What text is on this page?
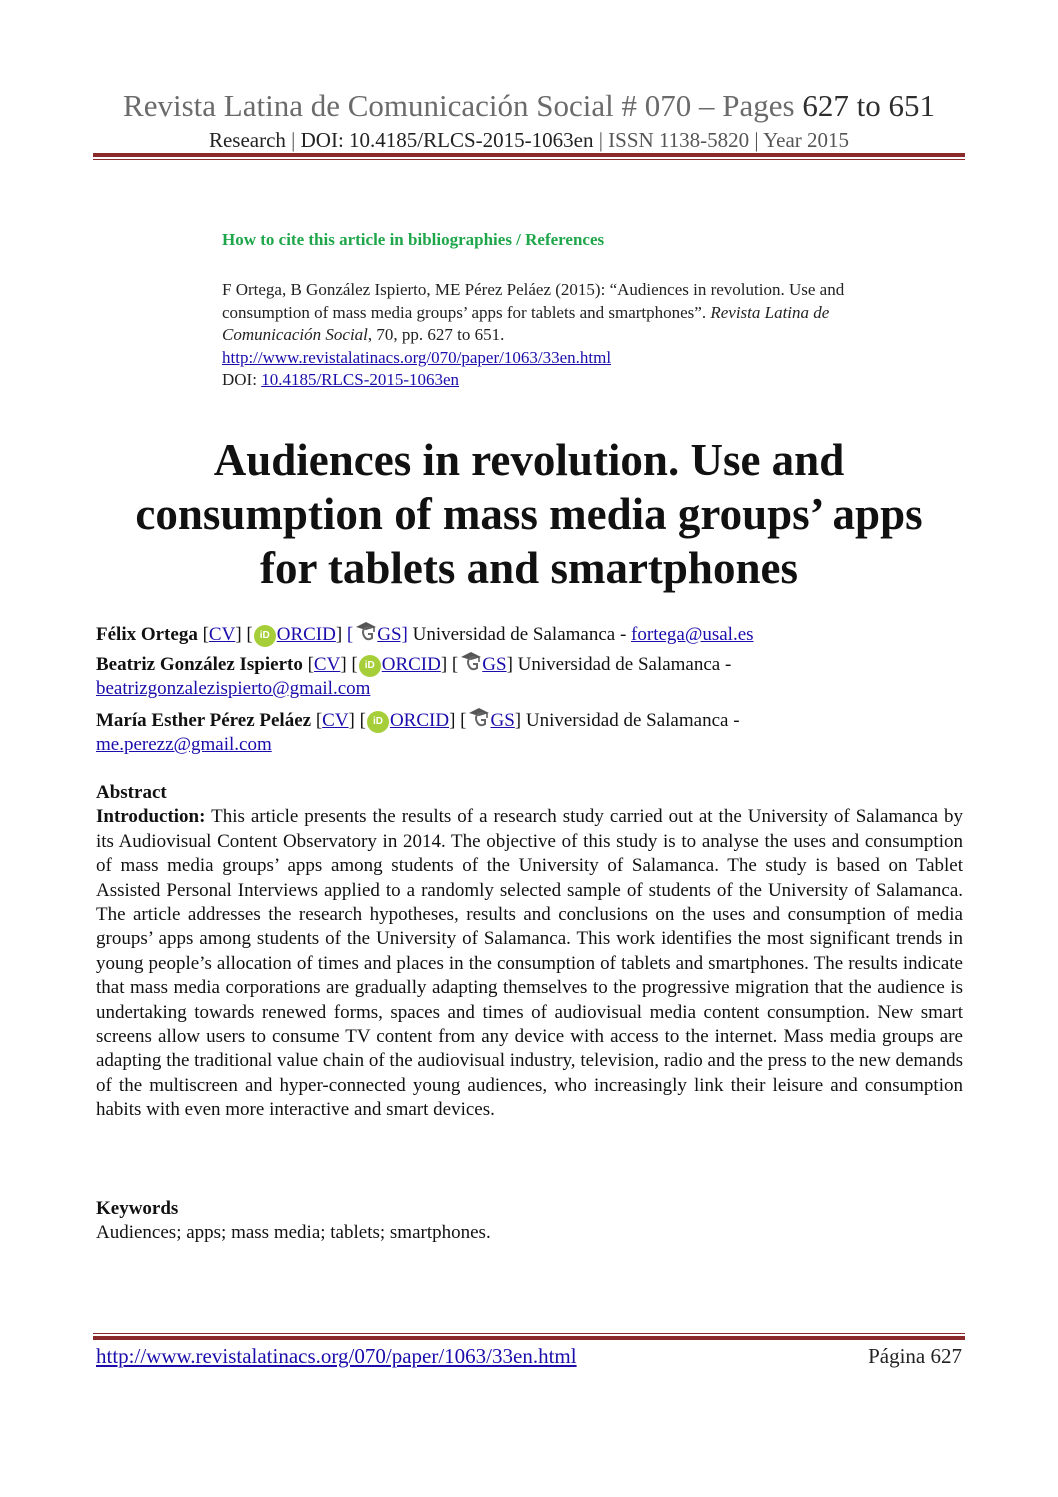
Revista Latina de Comunicación Social # 070 – Pages 627 to 651
Research | DOI: 10.4185/RLCS-2015-1063en | ISSN 1138-5820 | Year 2015
How to cite this article in bibliographies / References
F Ortega, B González Ispierto, ME Pérez Peláez (2015): “Audiences in revolution. Use and
consumption of mass media groups’ apps for tablets and smartphones”. Revista Latina de
Comunicación Social, 70, pp. 627 to 651.
http://www.revistalatinacs.org/070/paper/1063/33en.html
DOI: 10.4185/RLCS-2015-1063en
Audiences in revolution. Use and
consumption of mass media groups’ apps
for tablets and smartphones
Félix Ortega [CV] [ iD ORCID] [ GS] Universidad de Salamanca - fortega@usal.es
Beatriz González Ispierto [CV] [ iD ORCID] [ GS] Universidad de Salamanca -
beatrizgonzalezispierto@gmail.com
María Esther Pérez Peláez [CV] [ iD ORCID] [ GS] Universidad de Salamanca -
me.perezz@gmail.com
Abstract
Introduction: This article presents the results of a research study carried out at the University of Salamanca by its Audiovisual Content Observatory in 2014. The objective of this study is to analyse the uses and consumption of mass media groups’ apps among students of the University of Salamanca. The study is based on Tablet Assisted Personal Interviews applied to a randomly selected sample of students of the University of Salamanca. The article addresses the research hypotheses, results and conclusions on the uses and consumption of media groups’ apps among students of the University of Salamanca. This work identifies the most significant trends in young people’s allocation of times and places in the consumption of tablets and smartphones. The results indicate that mass media corporations are gradually adapting themselves to the progressive migration that the audience is undertaking towards renewed forms, spaces and times of audiovisual media content consumption. New smart screens allow users to consume TV content from any device with access to the internet. Mass media groups are adapting the traditional value chain of the audiovisual industry, television, radio and the press to the new demands of the multiscreen and hyper-connected young audiences, who increasingly link their leisure and consumption habits with even more interactive and smart devices.
Keywords
Audiences; apps; mass media; tablets; smartphones.
http://www.revistalatinacs.org/070/paper/1063/33en.html	Página 627
